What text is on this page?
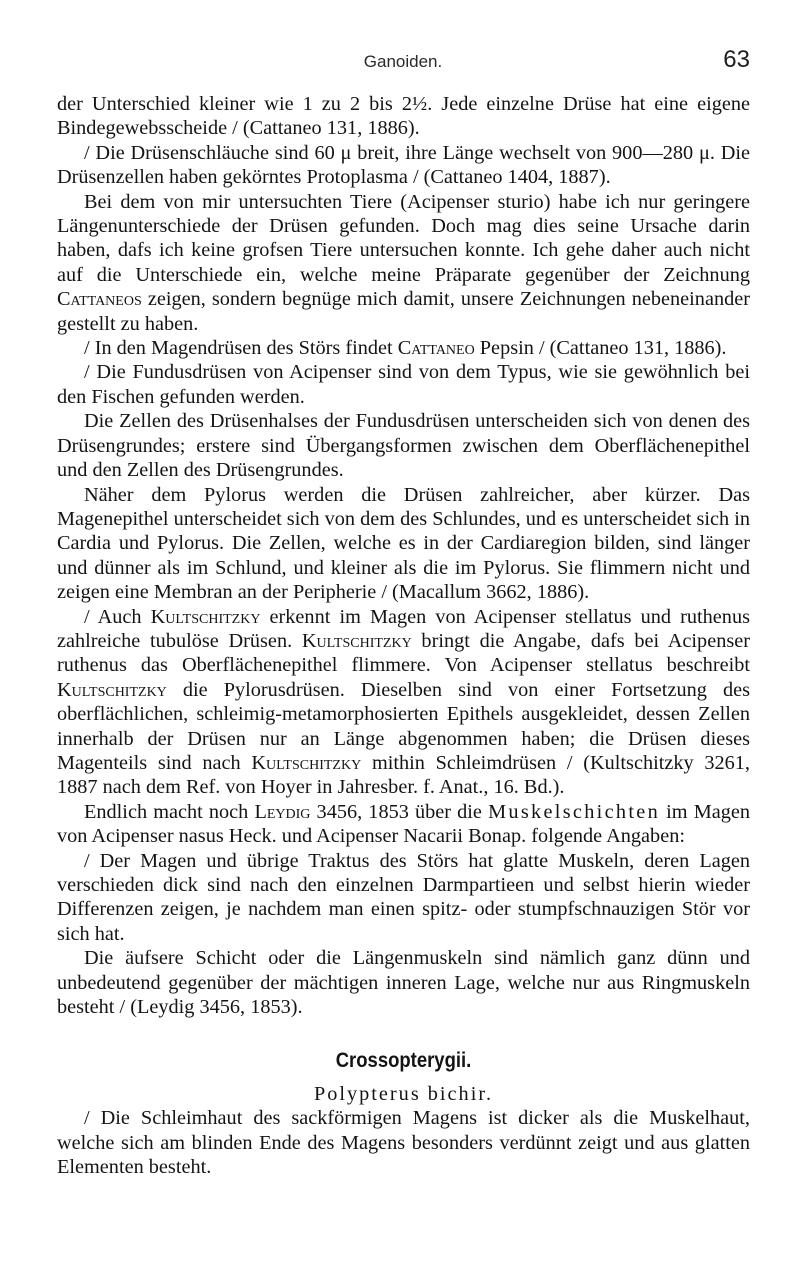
Ganoiden.	63

der Unterschied kleiner wie 1 zu 2 bis 2½. Jede einzelne Drüse hat eine eigene Bindegewebsscheide / (Cattaneo 131, 1886).

/ Die Drüsenschläuche sind 60 μ breit, ihre Länge wechselt von 900—280 μ. Die Drüsenzellen haben gekörntes Protoplasma / (Cattaneo 1404, 1887).

Bei dem von mir untersuchten Tiere (Acipenser sturio) habe ich nur geringere Längenunterschiede der Drüsen gefunden. Doch mag dies seine Ursache darin haben, dafs ich keine grofsen Tiere untersuchen konnte. Ich gehe daher auch nicht auf die Unterschiede ein, welche meine Präparate gegenüber der Zeichnung Cattaneos zeigen, sondern begnüge mich damit, unsere Zeichnungen nebeneinander gestellt zu haben.

/ In den Magendrüsen des Störs findet Cattaneo Pepsin / (Cattaneo 131, 1886).

/ Die Fundusdrüsen von Acipenser sind von dem Typus, wie sie gewöhnlich bei den Fischen gefunden werden.

Die Zellen des Drüsenhalses der Fundusdrüsen unterscheiden sich von denen des Drüsengrundes; erstere sind Übergangsformen zwischen dem Oberflächenepithel und den Zellen des Drüsengrundes.

Näher dem Pylorus werden die Drüsen zahlreicher, aber kürzer. Das Magenepithel unterscheidet sich von dem des Schlundes, und es unterscheidet sich in Cardia und Pylorus. Die Zellen, welche es in der Cardiaregion bilden, sind länger und dünner als im Schlund, und kleiner als die im Pylorus. Sie flimmern nicht und zeigen eine Membran an der Peripherie / (Macallum 3662, 1886).

/ Auch Kultschitzky erkennt im Magen von Acipenser stellatus und ruthenus zahlreiche tubulöse Drüsen. Kultschitzky bringt die Angabe, dafs bei Acipenser ruthenus das Oberflächenepithel flimmere. Von Acipenser stellatus beschreibt Kultschitzky die Pylorusdrüsen. Dieselben sind von einer Fortsetzung des oberflächlichen, schleimig-metamorphosierten Epithels ausgekleidet, dessen Zellen innerhalb der Drüsen nur an Länge abgenommen haben; die Drüsen dieses Magenteils sind nach Kultschitzky mithin Schleimdrüsen / (Kultschitzky 3261, 1887 nach dem Ref. von Hoyer in Jahresber. f. Anat., 16. Bd.).

Endlich macht noch Leydig 3456, 1853 über die Muskelschichten im Magen von Acipenser nasus Heck. und Acipenser Nacarii Bonap. folgende Angaben:

/ Der Magen und übrige Traktus des Störs hat glatte Muskeln, deren Lagen verschieden dick sind nach den einzelnen Darmpartieen und selbst hierin wieder Differenzen zeigen, je nachdem man einen spitz- oder stumpfschnauzigen Stör vor sich hat.

Die äufsere Schicht oder die Längenmuskeln sind nämlich ganz dünn und unbedeutend gegenüber der mächtigen inneren Lage, welche nur aus Ringmuskeln besteht / (Leydig 3456, 1853).

Crossopterygii.
Polypterus bichir.

/ Die Schleimhaut des sackförmigen Magens ist dicker als die Muskelhaut, welche sich am blinden Ende des Magens besonders verdünnt zeigt und aus glatten Elementen besteht.
